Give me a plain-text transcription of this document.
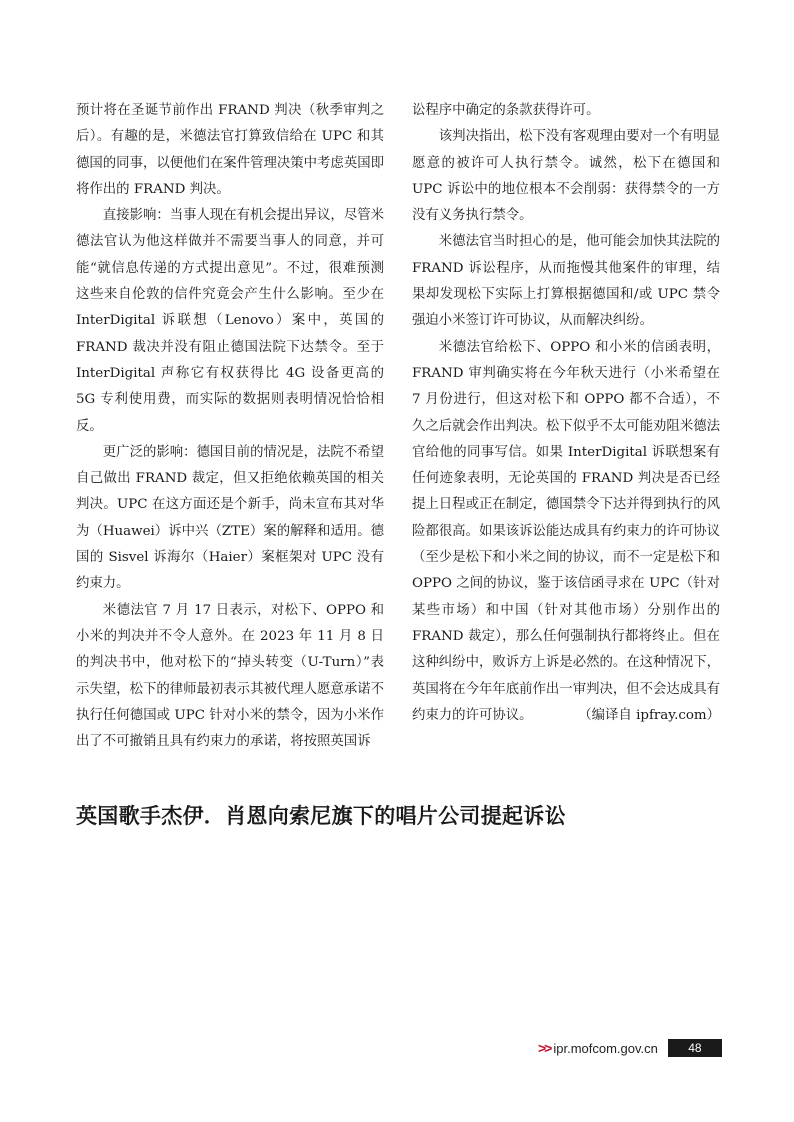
预计将在圣诞节前作出 FRAND 判决（秋季审判之后）。有趣的是，米德法官打算致信给在 UPC 和其德国的同事，以便他们在案件管理决策中考虑英国即将作出的 FRAND 判决。

直接影响：当事人现在有机会提出异议，尽管米德法官认为他这样做并不需要当事人的同意，并可能“就信息传递的方式提出意见”。不过，很难预测这些来自伦敦的信件究竟会产生什么影响。至少在 InterDigital 诉联想（Lenovo）案中，英国的 FRAND 裁决并没有阻止德国法院下达禁令。至于 InterDigital 声称它有权获得比 4G 设备更高的 5G 专利使用费，而实际的数据则表明情况恰恰相反。

更广泛的影响：德国目前的情况是，法院不希望自己做出 FRAND 裁定，但又拒绝依赖英国的相关判决。UPC 在这方面还是个新手，尚未宣布其对华为（Huawei）诉中兴（ZTE）案的解释和适用。德国的 Sisvel 诉海尔（Haier）案框架对 UPC 没有约束力。

米德法官 7 月 17 日表示，对松下、OPPO 和小米的判决并不令人意外。在 2023 年 11 月 8 日的判决书中，他对松下的“掉头转变（U-Turn）”表示失望，松下的律师最初表示其被代理人愿意承诺不执行任何德国或 UPC 针对小米的禁令，因为小米作出了不可撤销且具有约束力的承诺，将按照英国诉

讼程序中确定的条款获得许可。

该判决指出，松下没有客观理由要对一个有明显愿意的被许可人执行禁令。诚然，松下在德国和 UPC 诉讼中的地位根本不会削弱：获得禁令的一方没有义务执行禁令。

米德法官当时担心的是，他可能会加快其法院的 FRAND 诉讼程序，从而拖慢其他案件的审理，结果却发现松下实际上打算根据德国和/或 UPC 禁令强迫小米签订许可协议，从而解决纠纷。

米德法官给松下、OPPO 和小米的信函表明，FRAND 审判确实将在今年秋天进行（小米希望在 7 月份进行，但这对松下和 OPPO 都不合适），不久之后就会作出判决。松下似乎不太可能劝阻米德法官给他的同事写信。如果 InterDigital 诉联想案有任何迹象表明，无论英国的 FRAND 判决是否已经提上日程或正在制定，德国禁令下达并得到执行的风险都很高。如果该诉讼能达成具有约束力的许可协议（至少是松下和小米之间的协议，而不一定是松下和 OPPO 之间的协议，鉴于该信函寻求在 UPC（针对某些市场）和中国（针对其他市场）分别作出的 FRAND 裁定），那么任何强制执行都将终止。但在这种纠纷中，败诉方上诉是必然的。在这种情况下，英国将在今年年底前作出一审判决，但不会达成具有约束力的许可协议。	（编译自 ipfray.com）

英国歌手杰伊．肖恩向索尼旗下的唱片公司提起诉讼
>> ipr.mofcom.gov.cn	48
